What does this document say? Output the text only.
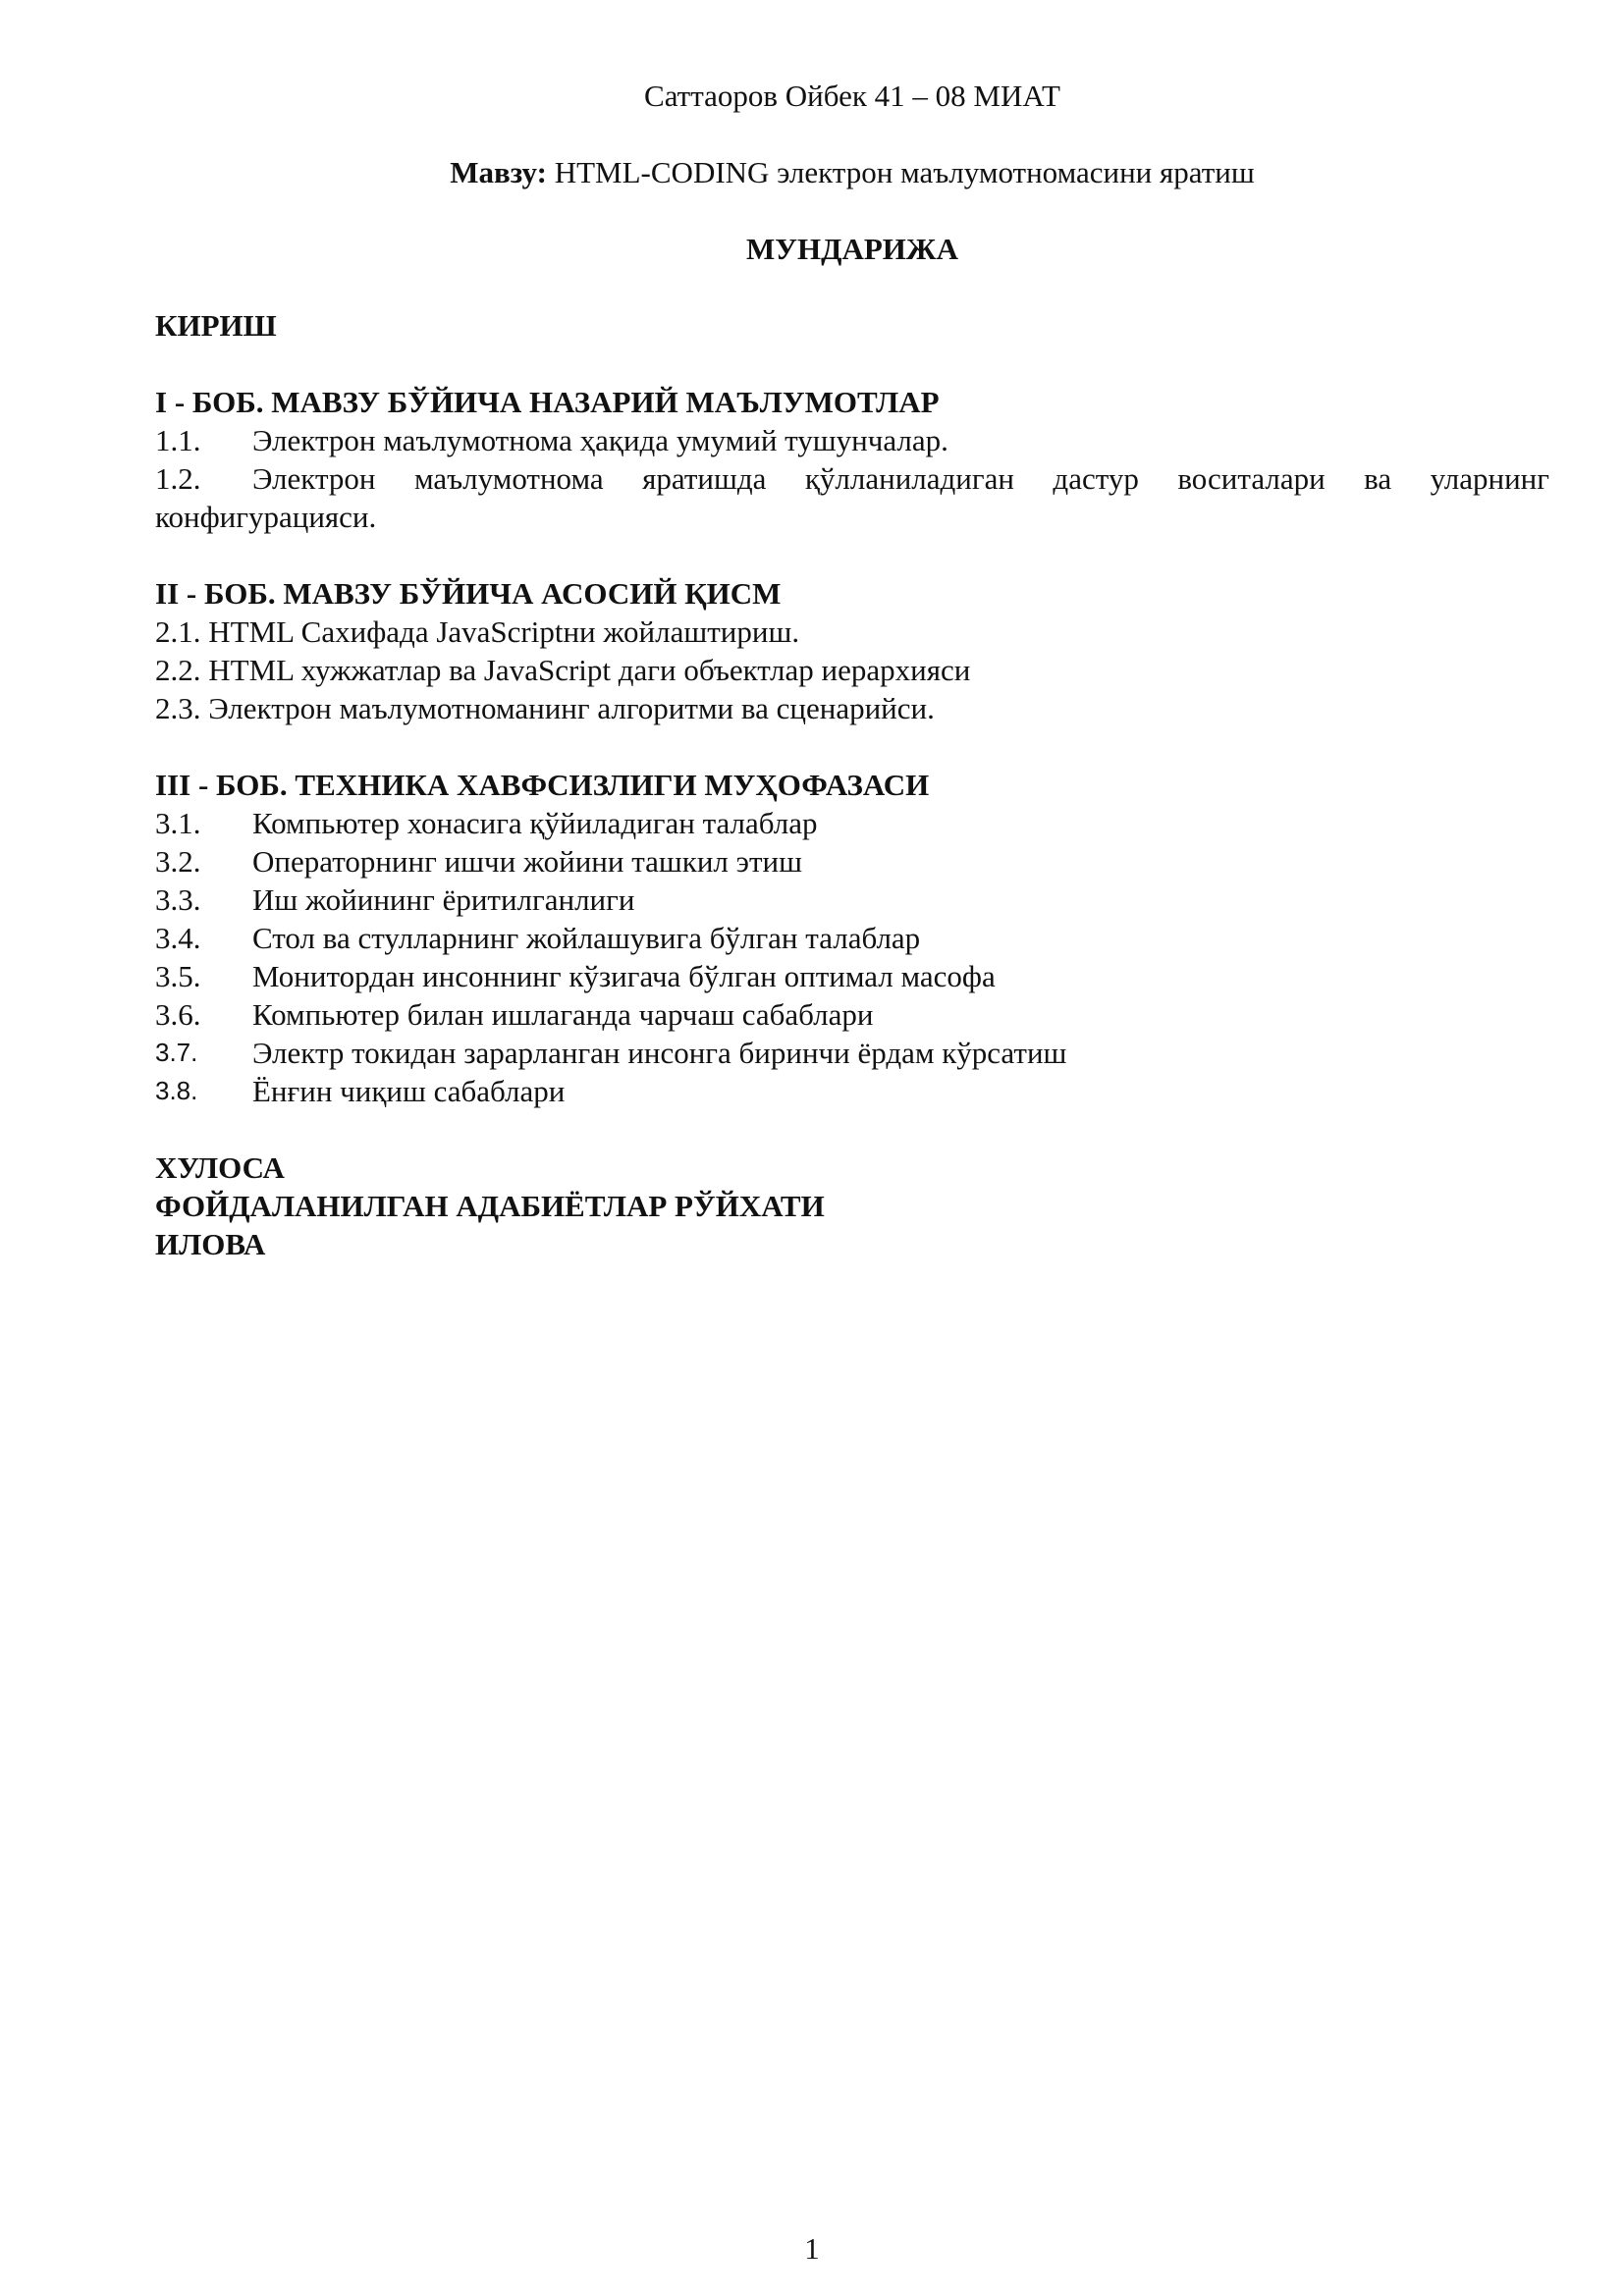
Саттаоров Ойбек 41 – 08 МИАТ
Мавзу: HTML-CODING электрон маълумотномасини яратиш
МУНДАРИЖА

КИРИШ

I - БОБ. МАВЗУ БЎЙИЧА НАЗАРИЙ МАЪЛУМОТЛАР

1.1.	Электрон маълумотнома ҳақида умумий тушунчалар.
1.2.	Электрон маълумотнома яратишда қўлланиладиган дастур воситалари ва уларнинг

конфигурацияси.

II - БОБ. МАВЗУ БЎЙИЧА АСОСИЙ ҚИСМ

2.1. HTML Сахифада JavaScriptни жойлаштириш.

2.2. HTML хужжатлар ва JavaScript даги объектлар иерархияси

2.3. Электрон маълумотноманинг алгоритми ва сценарийси.

III - БОБ. ТЕХНИКА ХАВФСИЗЛИГИ МУҲОФАЗАСИ

3.1.	Компьютер хонасига қўйиладиган талаблар
3.2.	Операторнинг ишчи жойини ташкил этиш
3.3.	Иш жойининг ёритилганлиги
3.4.	Стол ва стулларнинг жойлашувига бўлган талаблар
3.5.	Монитордан инсоннинг кўзигача бўлган оптимал масофа
3.6.	Компьютер билан ишлаганда чарчаш сабаблари
3.7.	Электр токидан зарарланган инсонга биринчи ёрдам кўрсатиш
3.8.	Ёнғин чиқиш сабаблари

ХУЛОСА

ФОЙДАЛАНИЛГАН АДАБИЁТЛАР РЎЙХАТИ

ИЛОВА

1
